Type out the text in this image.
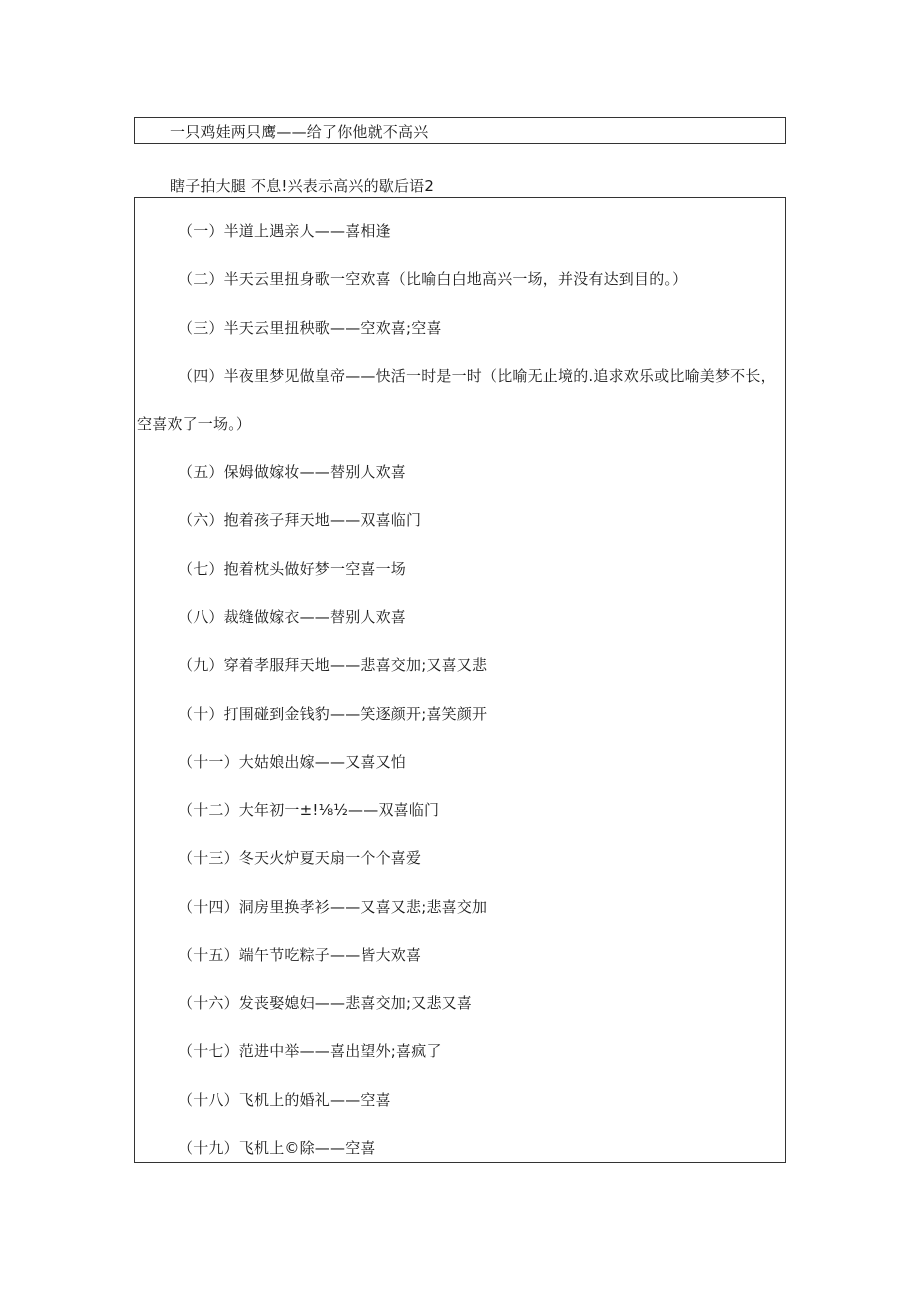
一只鸡娃两只鹰——给了你他就不高兴
瞎子拍大腿 不息!兴表示高兴的歇后语2
（一）半道上遇亲人——喜相逢
（二）半天云里扭身歌一空欢喜（比喻白白地高兴一场，并没有达到目的。）
（三）半天云里扭秧歌——空欢喜;空喜
（四）半夜里梦见做皇帝——快活一时是一时（比喻无止境的.追求欢乐或比喻美梦不长，
空喜欢了一场。）
（五）保姆做嫁妆——替别人欢喜
（六）抱着孩子拜天地——双喜临门
（七）抱着枕头做好梦一空喜一场
（八）裁缝做嫁衣——替别人欢喜
（九）穿着孝服拜天地——悲喜交加;又喜又悲
（十）打围碰到金钱豹——笑逐颜开;喜笑颜开
（十一）大姑娘出嫁——又喜又怕
（十二）大年初一±!⅛½——双喜临门
（十三）冬天火炉夏天扇一个个喜爱
（十四）洞房里换孝衫——又喜又悲;悲喜交加
（十五）端午节吃粽子——皆大欢喜
（十六）发丧娶媳妇——悲喜交加;又悲又喜
（十七）范进中举——喜出望外;喜疯了
（十八）飞机上的婚礼——空喜
（十九）飞机上©除——空喜
